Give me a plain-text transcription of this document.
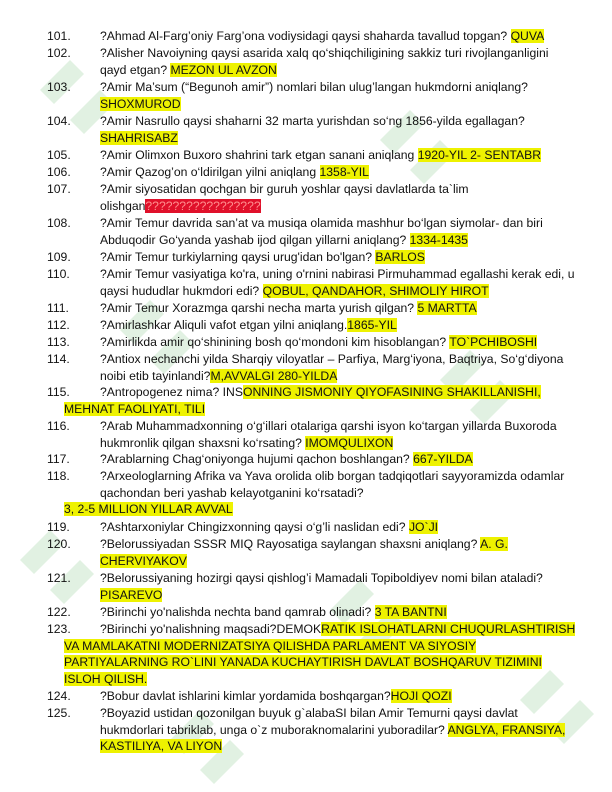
101. ?Ahmad Al-Farg’oniy Farg’ona vodiysidagi qaysi shaharda tavallud topgan? QUVA
102. ?Alisher Navoiyning qaysi asarida xalq qo‘shiqchiligining sakkiz turi rivojlanganligini qayd etgan? MEZON UL AVZON
103. ?Amir Ma’sum (“Begunoh amir”) nomlari bilan ulug’langan hukmdorni aniqlang? SHOXMUROD
104. ?Amir Nasrullo qaysi shaharni 32 marta yurishdan so‘ng 1856-yilda egallagan?SHAHRISABZ
105. ?Amir Olimxon Buxoro shahrini tark etgan sanani aniqlang 1920-YIL 2- SENTABR
106. ?Amir Qazog’on o‘ldirilgan yilni aniqlang 1358-YIL
107. ?Amir siyosatidan qochgan bir guruh yoshlar qaysi davlatlarda ta`lim olishgan?????????????????
108. ?Amir Temur davrida san’at va musiqa olamida mashhur bo‘lgan siymolar- dan biri Abduqodir Go‘yanda yashab ijod qilgan yillarni aniqlang? 1334-1435
109. ?Amir Temur turkiylarning qaysi urug'idan bo'lgan? BARLOS
110. ?Amir Temur vasiyatiga ko'ra, uning o'rnini nabirasi Pirmuhammad egallashi kerak edi, u qaysi hududlar hukmdori edi? QOBUL, QANDAHOR, SHIMOLIY HIROT
111.	?Amir Temur Xorazmga qarshi necha marta yurish qilgan? 5 MARTTA
112. ?Amirlashkar Aliquli vafot etgan yilni aniqlang.1865-YIL
113. ?Amirlikda amir qo‘shinining bosh qo‘mondoni kim hisoblangan? TO`PCHIBOSHI
114. ?Antiox nechanchi yilda Sharqiy viloyatlar – Parfiya, Marg‘iyona, Baqtriya, So‘g‘diyona noibi etib tayinlandi?M,AVVALGI 280-YILDA
115.	?Antropogenez nima? INSONNING JISMONIY QIYOFASINING SHAKILLANISHI, MEHNAT FAOLIYATI, TILI
116. ?Arab Muhammadxonning o‘g‘illari otalariga qarshi isyon ko‘targan yillarda Buxoroda hukmronlik qilgan shaxsni ko‘rsating? IMOMQULIXON
117. ?Arablarning Chag‘oniyonga hujumi qachon boshlangan? 667-YILDA
118. ?Arxeologlarning Afrika va Yava orolida olib borgan tadqiqotlari sayyoramizda odamlar qachondan beri yashab kelayotganini ko‘rsatadi?
3, 2-5 MILLION YILLAR AVVAL
119. ?Ashtarxoniylar Chingizxonning qaysi o‘g’li naslidan edi? JO`JI
120. ?Belorussiyadan SSSR MIQ Rayosatiga saylangan shaxsni aniqlang? A. G. CHERVIYAKOV
121. ?Belorussiyaning hozirgi qaysi qishlog’i Mamadali Topiboldiyev nomi bilan ataladi?PISAREVO
122. ?Birinchi yo'nalishda nechta band qamrab olinadi? 3 TA BANTNI
123.	?Birinchi yo'nalishning maqsadi?DEMOKRATIK ISLOHATLARNI CHUQURLASHTIRISH VA MAMLAKATNI MODERNIZATSIYA QILISHDA PARLAMENT VA SIYOSIY PARTIYALARNING RO`LINI YANADA KUCHAYTIRISH DAVLAT BOSHQARUV TIZIMINI ISLOH QILISH.
124. ?Bobur davlat ishlarini kimlar yordamida boshqargan?HOJI QOZI
125. ?Boyazid ustidan qozonilgan buyuk g`alabaSI bilan Amir Temurni qaysi davlat hukmdorlari tabriklab, unga o`z muboraknomalarini yuboradilar? ANGLYA, FRANSIYA, KASTILIYA, VA LIYON
